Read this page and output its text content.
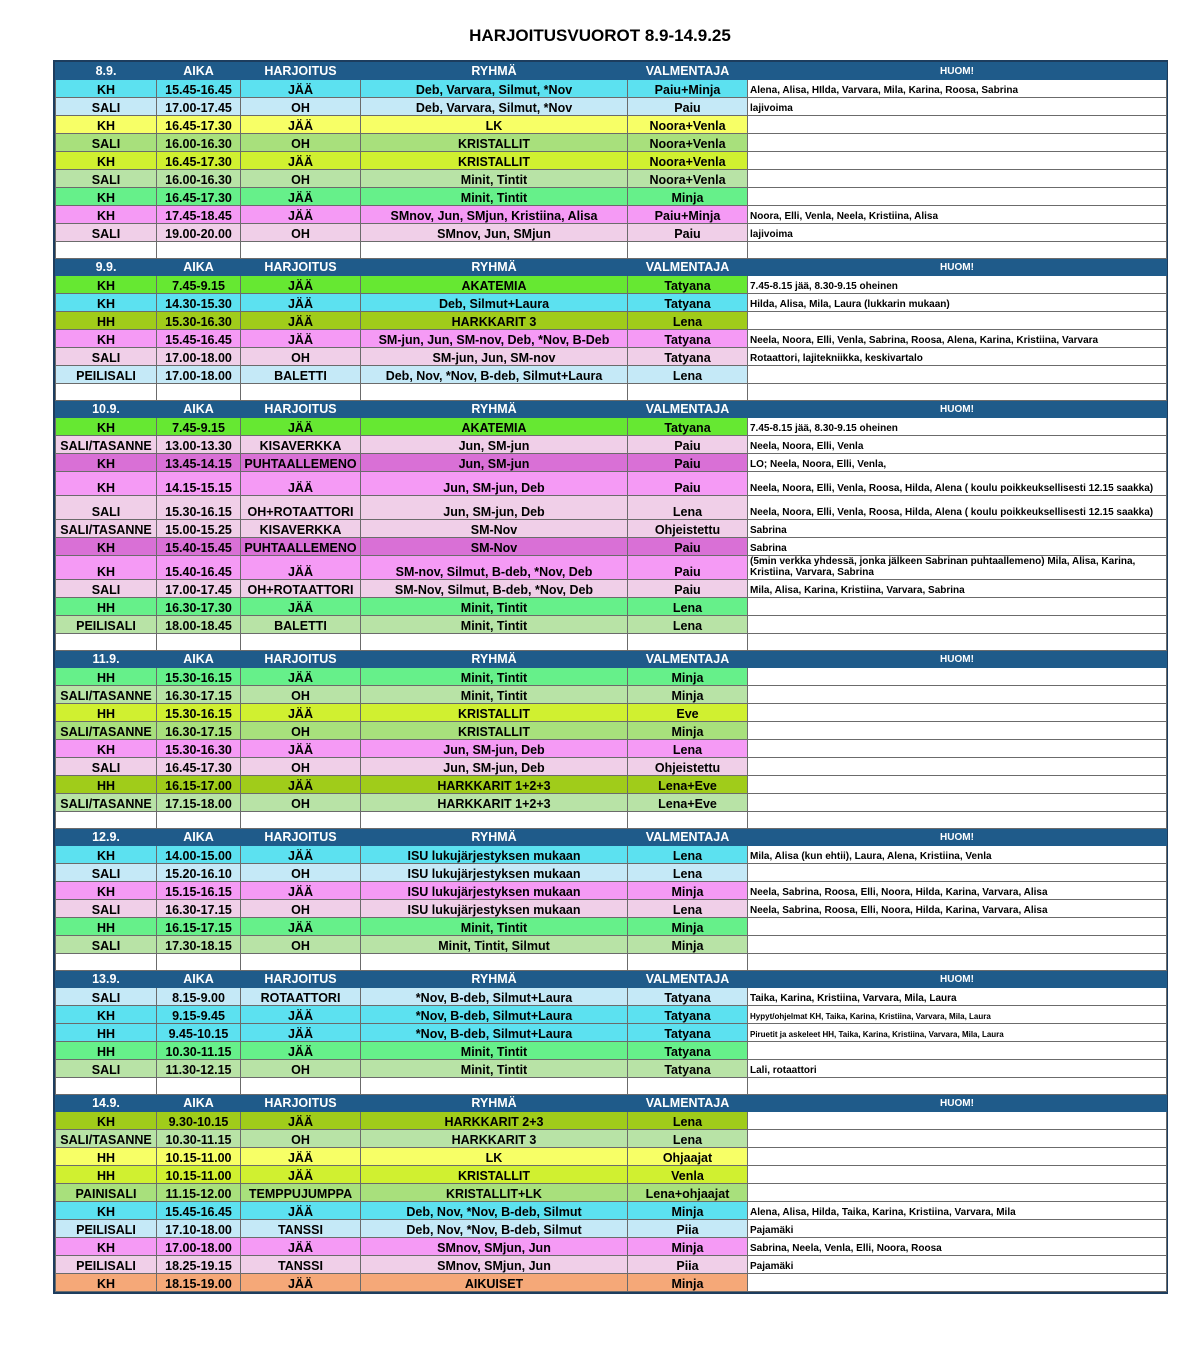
HARJOITUSVUOROT 8.9-14.9.25
8.9.	AIKA	HARJOITUS	RYHMÄ	VALMENTAJA	HUOM!
KH	15.45-16.45	JÄÄ	Deb, Varvara, Silmut, *Nov	Paiu+Minja	Alena, Alisa, HIlda, Varvara, Mila, Karina, Roosa, Sabrina
SALI	17.00-17.45	OH	Deb, Varvara, Silmut, *Nov	Paiu	lajivoima
KH	16.45-17.30	JÄÄ	LK	Noora+Venla	
SALI	16.00-16.30	OH	KRISTALLIT	Noora+Venla	
KH	16.45-17.30	JÄÄ	KRISTALLIT	Noora+Venla	
SALI	16.00-16.30	OH	Minit, Tintit	Noora+Venla	
KH	16.45-17.30	JÄÄ	Minit, Tintit	Minja	
KH	17.45-18.45	JÄÄ	SMnov, Jun, SMjun, Kristiina, Alisa	Paiu+Minja	Noora, Elli, Venla, Neela, Kristiina, Alisa
SALI	19.00-20.00	OH	SMnov, Jun, SMjun	Paiu	lajivoima

9.9.	AIKA	HARJOITUS	RYHMÄ	VALMENTAJA	HUOM!
KH	7.45-9.15	JÄÄ	AKATEMIA	Tatyana	7.45-8.15 jää, 8.30-9.15 oheinen
KH	14.30-15.30	JÄÄ	Deb, Silmut+Laura	Tatyana	Hilda, Alisa, Mila, Laura (lukkarin mukaan)
HH	15.30-16.30	JÄÄ	HARKKARIT 3	Lena	
KH	15.45-16.45	JÄÄ	SM-jun, Jun, SM-nov, Deb, *Nov, B-Deb	Tatyana	Neela, Noora, Elli, Venla, Sabrina, Roosa, Alena, Karina, Kristiina, Varvara
SALI	17.00-18.00	OH	SM-jun, Jun, SM-nov	Tatyana	Rotaattori, lajitekniikka, keskivartalo
PEILISALI	17.00-18.00	BALETTI	Deb, Nov, *Nov, B-deb, Silmut+Laura	Lena	

10.9.	AIKA	HARJOITUS	RYHMÄ	VALMENTAJA	HUOM!
KH	7.45-9.15	JÄÄ	AKATEMIA	Tatyana	7.45-8.15 jää, 8.30-9.15 oheinen
SALI/TASANNE	13.00-13.30	KISAVERKKA	Jun, SM-jun	Paiu	Neela, Noora, Elli, Venla
KH	13.45-14.15	PUHTAALLEMENO	Jun, SM-jun	Paiu	LO; Neela, Noora, Elli, Venla,
KH	14.15-15.15	JÄÄ	Jun, SM-jun, Deb	Paiu	Neela, Noora, Elli, Venla, Roosa, Hilda, Alena ( koulu poikkeuksellisesti 12.15 saakka)
SALI	15.30-16.15	OH+ROTAATTORI	Jun, SM-jun, Deb	Lena	Neela, Noora, Elli, Venla, Roosa, Hilda, Alena ( koulu poikkeuksellisesti 12.15 saakka)
SALI/TASANNE	15.00-15.25	KISAVERKKA	SM-Nov	Ohjeistettu	Sabrina
KH	15.40-15.45	PUHTAALLEMENO	SM-Nov	Paiu	Sabrina
KH	15.40-16.45	JÄÄ	SM-nov, Silmut, B-deb, *Nov, Deb	Paiu	(5min verkka yhdessä, jonka jälkeen Sabrinan puhtaallemeno) Mila, Alisa, Karina, Kristiina, Varvara, Sabrina
SALI	17.00-17.45	OH+ROTAATTORI	SM-Nov, Silmut, B-deb, *Nov, Deb	Paiu	Mila, Alisa, Karina, Kristiina, Varvara, Sabrina
HH	16.30-17.30	JÄÄ	Minit, Tintit	Lena	
PEILISALI	18.00-18.45	BALETTI	Minit, Tintit	Lena	

11.9.	AIKA	HARJOITUS	RYHMÄ	VALMENTAJA	HUOM!
HH	15.30-16.15	JÄÄ	Minit, Tintit	Minja	
SALI/TASANNE	16.30-17.15	OH	Minit, Tintit	Minja	
HH	15.30-16.15	JÄÄ	KRISTALLIT	Eve	
SALI/TASANNE	16.30-17.15	OH	KRISTALLIT	Minja	
KH	15.30-16.30	JÄÄ	Jun, SM-jun, Deb	Lena	
SALI	16.45-17.30	OH	Jun, SM-jun, Deb	Ohjeistettu	
HH	16.15-17.00	JÄÄ	HARKKARIT 1+2+3	Lena+Eve	
SALI/TASANNE	17.15-18.00	OH	HARKKARIT 1+2+3	Lena+Eve	

12.9.	AIKA	HARJOITUS	RYHMÄ	VALMENTAJA	HUOM!
KH	14.00-15.00	JÄÄ	ISU lukujärjestyksen mukaan	Lena	Mila, Alisa (kun ehtii), Laura, Alena, Kristiina, Venla
SALI	15.20-16.10	OH	ISU lukujärjestyksen mukaan	Lena	
KH	15.15-16.15	JÄÄ	ISU lukujärjestyksen mukaan	Minja	Neela, Sabrina, Roosa, Elli, Noora, Hilda, Karina, Varvara, Alisa
SALI	16.30-17.15	OH	ISU lukujärjestyksen mukaan	Lena	Neela, Sabrina, Roosa, Elli, Noora, Hilda, Karina, Varvara, Alisa
HH	16.15-17.15	JÄÄ	Minit, Tintit	Minja	
SALI	17.30-18.15	OH	Minit, Tintit, Silmut	Minja	

13.9.	AIKA	HARJOITUS	RYHMÄ	VALMENTAJA	HUOM!
SALI	8.15-9.00	ROTAATTORI	*Nov, B-deb, Silmut+Laura	Tatyana	Taika, Karina, Kristiina, Varvara, Mila, Laura
KH	9.15-9.45	JÄÄ	*Nov, B-deb, Silmut+Laura	Tatyana	Hypyt/ohjelmat KH, Taika, Karina, Kristiina, Varvara, Mila, Laura
HH	9.45-10.15	JÄÄ	*Nov, B-deb, Silmut+Laura	Tatyana	Piruetit ja askeleet HH, Taika, Karina, Kristiina, Varvara, Mila, Laura
HH	10.30-11.15	JÄÄ	Minit, Tintit	Tatyana	
SALI	11.30-12.15	OH	Minit, Tintit	Tatyana	Lali, rotaattori

14.9.	AIKA	HARJOITUS	RYHMÄ	VALMENTAJA	HUOM!
KH	9.30-10.15	JÄÄ	HARKKARIT 2+3	Lena	
SALI/TASANNE	10.30-11.15	OH	HARKKARIT 3	Lena	
HH	10.15-11.00	JÄÄ	LK	Ohjaajat	
HH	10.15-11.00	JÄÄ	KRISTALLIT	Venla	
PAINISALI	11.15-12.00	TEMPPUJUMPPA	KRISTALLIT+LK	Lena+ohjaajat	
KH	15.45-16.45	JÄÄ	Deb, Nov, *Nov, B-deb, Silmut	Minja	Alena, Alisa, Hilda, Taika, Karina, Kristiina, Varvara, Mila
PEILISALI	17.10-18.00	TANSSI	Deb, Nov, *Nov, B-deb, Silmut	Piia	Pajamäki
KH	17.00-18.00	JÄÄ	SMnov, SMjun, Jun	Minja	Sabrina, Neela, Venla, Elli, Noora, Roosa
PEILISALI	18.25-19.15	TANSSI	SMnov, SMjun, Jun	Piia	Pajamäki
KH	18.15-19.00	JÄÄ	AIKUISET	Minja	
